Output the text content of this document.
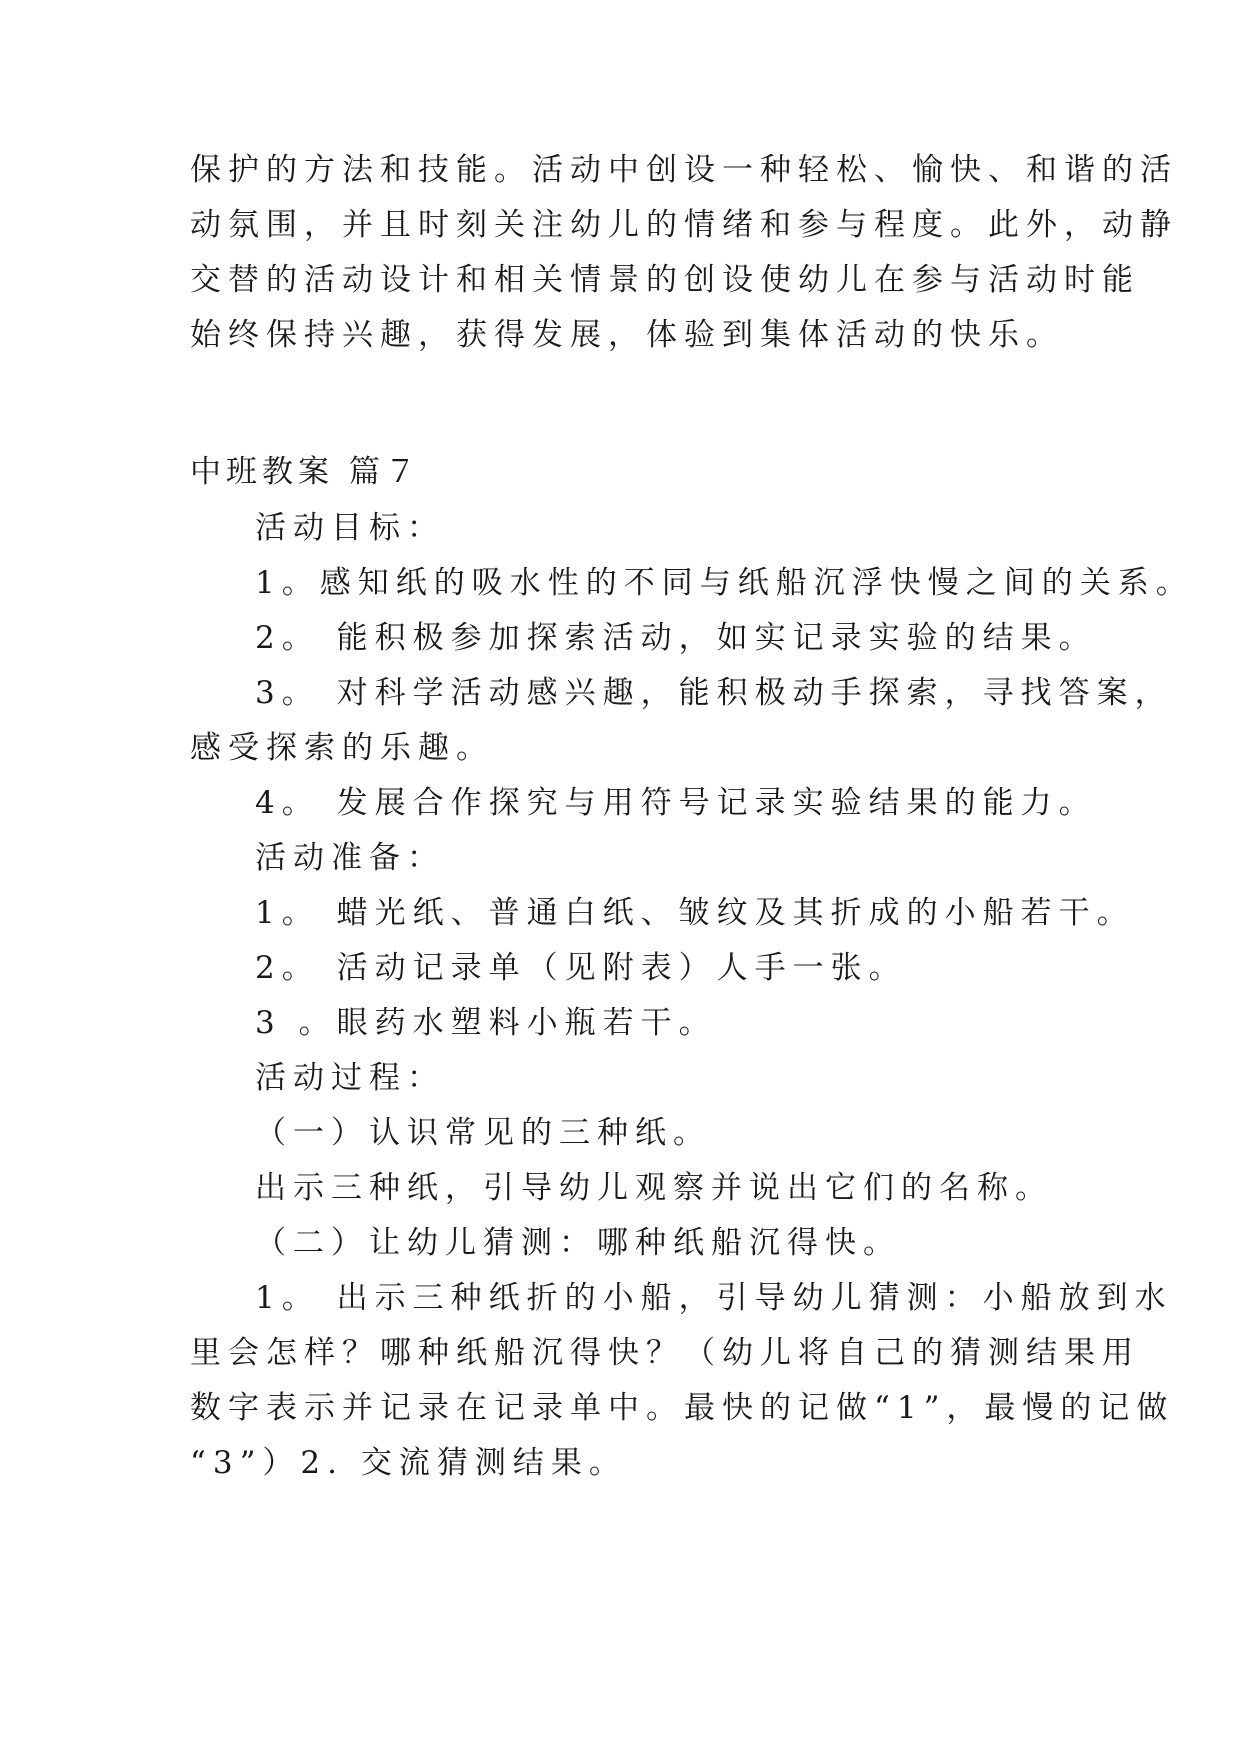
保护的方法和技能。活动中创设一种轻松、愉快、和谐的活
动氛围，并且时刻关注幼儿的情绪和参与程度。此外，动静
交替的活动设计和相关情景的创设使幼儿在参与活动时能
始终保持兴趣，获得发展，体验到集体活动的快乐。
中班教案 篇７
活动目标：
1。感知纸的吸水性的不同与纸船沉浮快慢之间的关系。
2。 能积极参加探索活动，如实记录实验的结果。
3。 对科学活动感兴趣，能积极动手探索，寻找答案，
感受探索的乐趣。
4。 发展合作探究与用符号记录实验结果的能力。
活动准备：
1。 蜡光纸、普通白纸、皱纹及其折成的小船若干。
2。 活动记录单（见附表）人手一张。
3 。眼药水塑料小瓶若干。
活动过程：
（一）认识常见的三种纸。
出示三种纸，引导幼儿观察并说出它们的名称。
（二）让幼儿猜测：哪种纸船沉得快。
1。 出示三种纸折的小船，引导幼儿猜测：小船放到水
里会怎样？哪种纸船沉得快？（幼儿将自己的猜测结果用
数字表示并记录在记录单中。最快的记做“1”，最慢的记做
“3”）2. 交流猜测结果。
